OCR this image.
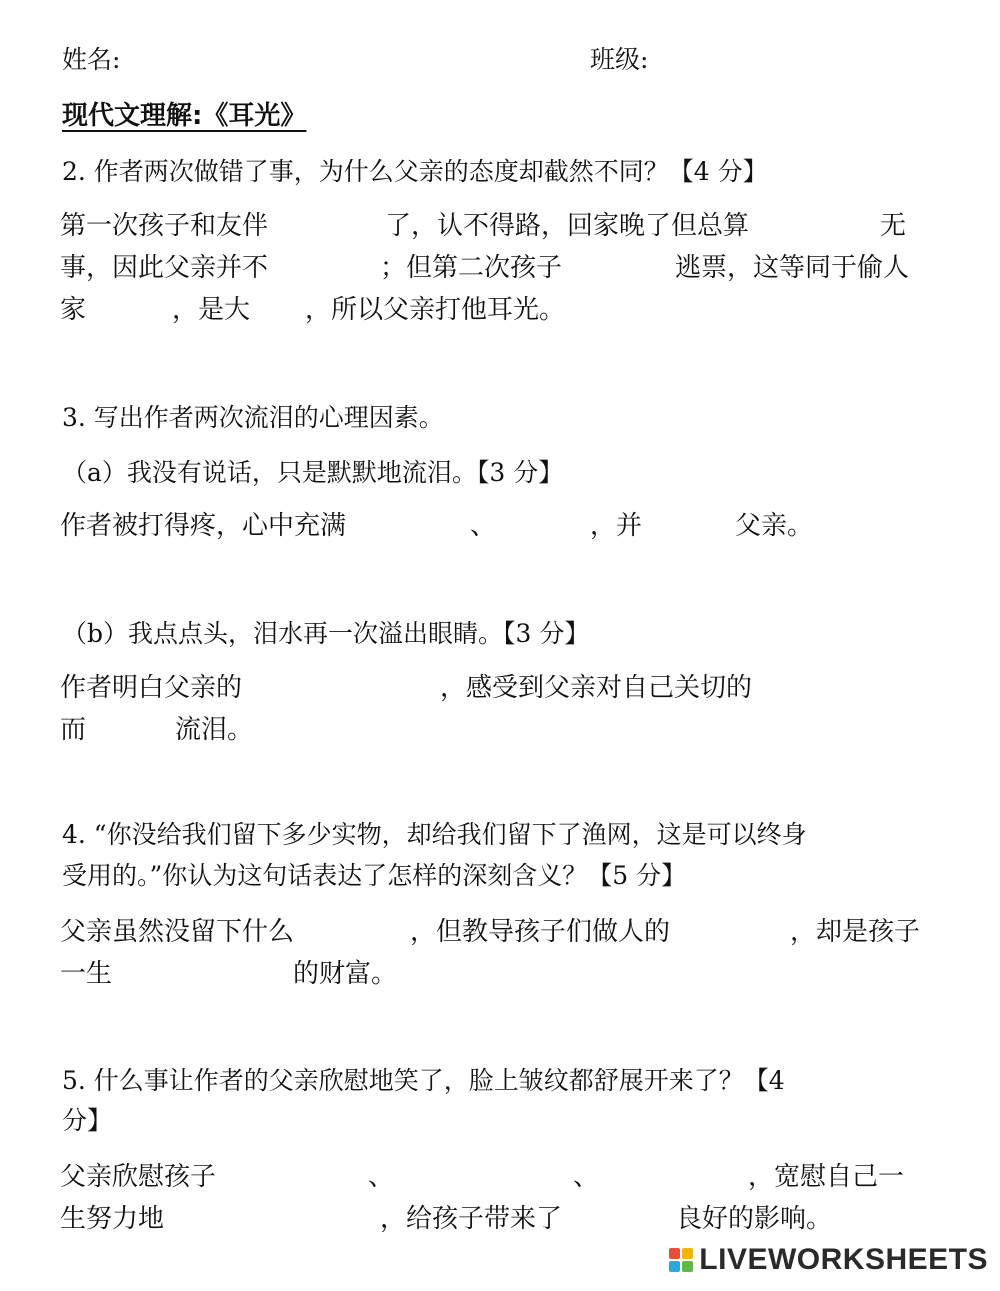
姓名:	班级:
现代文理解:《耳光》
2. 作者两次做错了事，为什么父亲的态度却截然不同？【4 分】
第一次孩子和友伴	了，认不得路，回家晚了但总算	无
事，因此父亲并不	；但第二次孩子	逃票，这等同于偷人
家	，是大 ，所以父亲打他耳光。
3. 写出作者两次流泪的心理因素。
（a）我没有说话，只是默默地流泪。【3 分】
作者被打得疼，心中充满	、	，并	父亲。
（b）我点点头，泪水再一次溢出眼睛。【3 分】
作者明白父亲的	，感受到父亲对自己关切的
而	流泪。
4. “你没给我们留下多少实物，却给我们留下了渔网，这是可以终身
受用的。”你认为这句话表达了怎样的深刻含义？【5 分】
父亲虽然没留下什么	，但教导孩子们做人的	，却是孩子
一生	的财富。
5. 什么事让作者的父亲欣慰地笑了，脸上皱纹都舒展开来了？【4
分】
父亲欣慰孩子	、	、	，宽慰自己一
生努力地	，给孩子带来了	良好的影响。
LIVEWORKSHEETS
